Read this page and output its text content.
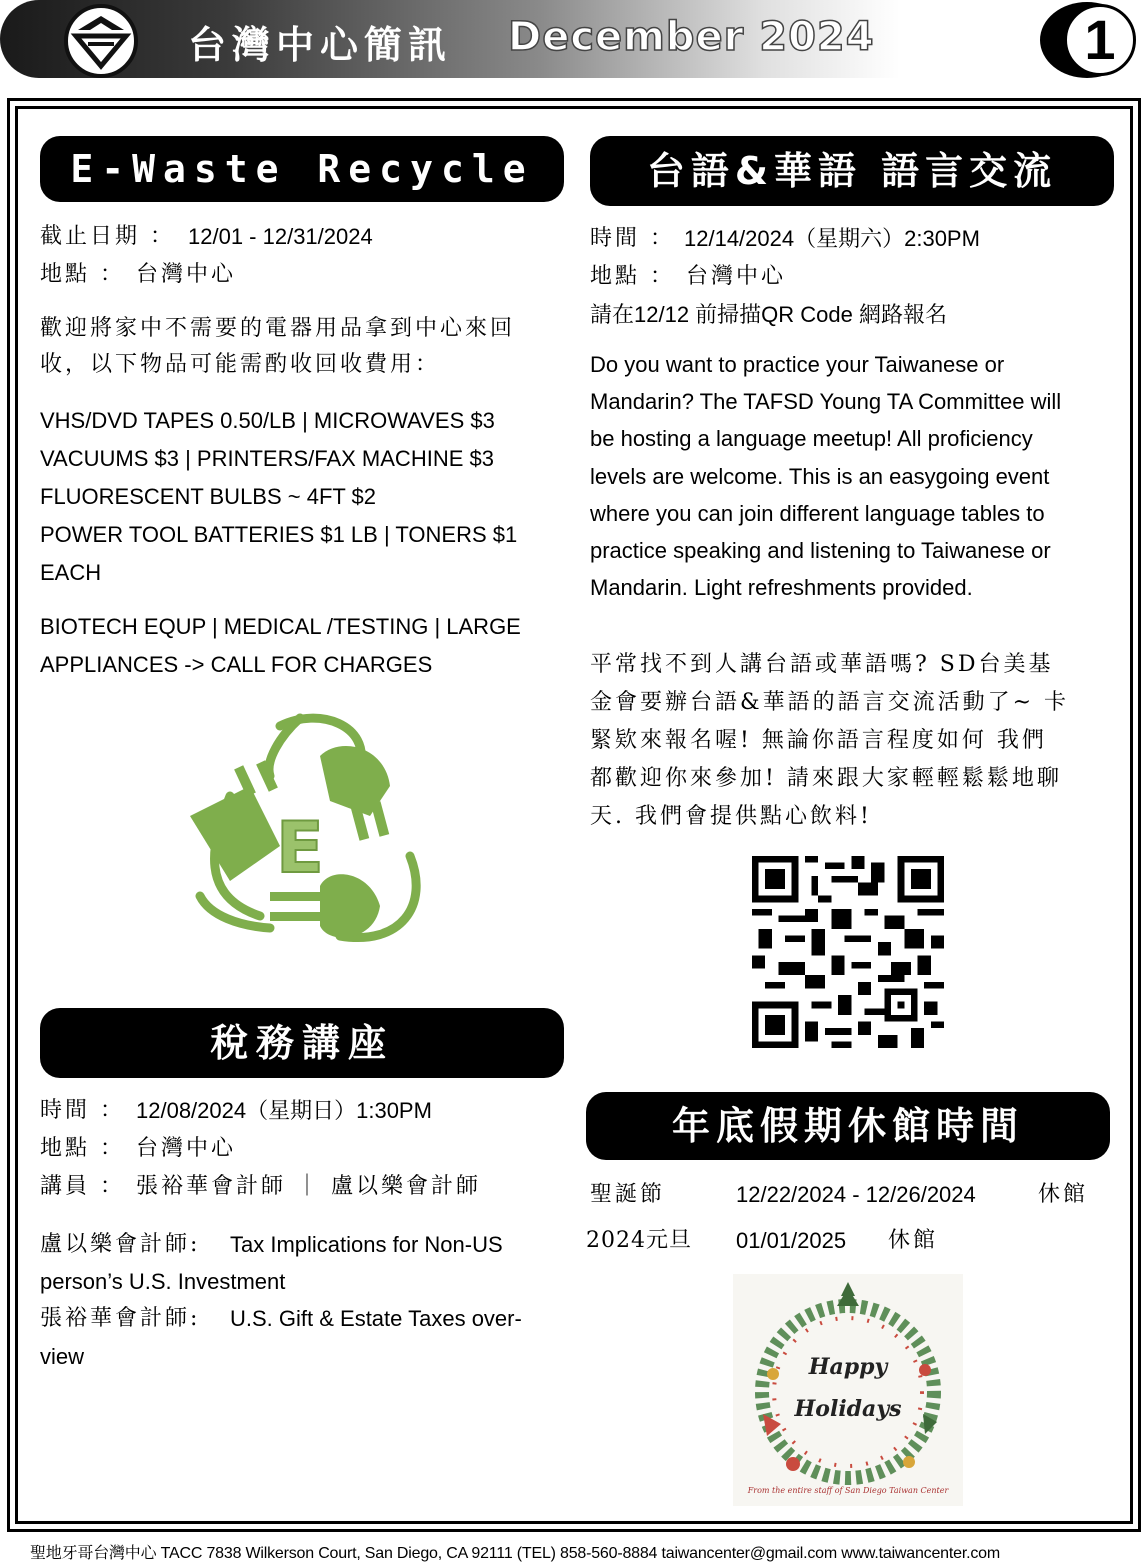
台灣中心簡訊 December 2024	1
E-Waste Recycle
截止日期 ： 12/01 - 12/31/2024
地點 ： 台灣中心
歡迎將家中不需要的電器用品拿到中心來回
收，以下物品可能需酌收回收費用：
VHS/DVD TAPES 0.50/LB | MICROWAVES $3
VACUUMS $3 | PRINTERS/FAX MACHINE $3
FLUORESCENT BULBS ~ 4FT $2
POWER TOOL BATTERIES $1 LB | TONERS $1
EACH
BIOTECH EQUP | MEDICAL /TESTING | LARGE
APPLIANCES -> CALL FOR CHARGES
E
台語&華語 語言交流
時間 ： 12/14/2024（星期六）2:30PM
地點 ： 台灣中心
請在12/12 前掃描QR Code 網路報名
Do you want to practice your Taiwanese or
Mandarin? The TAFSD Young TA Committee will
be hosting a language meetup! All proficiency
levels are welcome. This is an easygoing event
where you can join different language tables to
practice speaking and listening to Taiwanese or
Mandarin. Light refreshments provided.
平常找不到人講台語或華語嗎? SD台美基
金會要辦台語&華語的語言交流活動了~ 卡
緊欵來報名喔! 無論你語言程度如何 我們
都歡迎你來參加! 請來跟大家輕輕鬆鬆地聊
天. 我們會提供點心飲料!
稅務講座
時間 ： 12/08/2024（星期日）1:30PM
地點 ： 台灣中心
講員 ： 張裕華會計師 ｜ 盧以樂會計師
盧以樂會計師: Tax Implications for Non-US
person’s U.S. Investment
張裕華會計師: U.S. Gift & Estate Taxes over-
view
年底假期休館時間
聖誕節	12/22/2024 - 12/26/2024	休館
2024元旦 01/01/2025 休館
Happy
Holidays
From the entire staff of San Diego Taiwan Center
聖地牙哥台灣中心 TACC 7838 Wilkerson Court, San Diego, CA 92111 (TEL) 858-560-8884 taiwancenter@gmail.com www.taiwancenter.com
